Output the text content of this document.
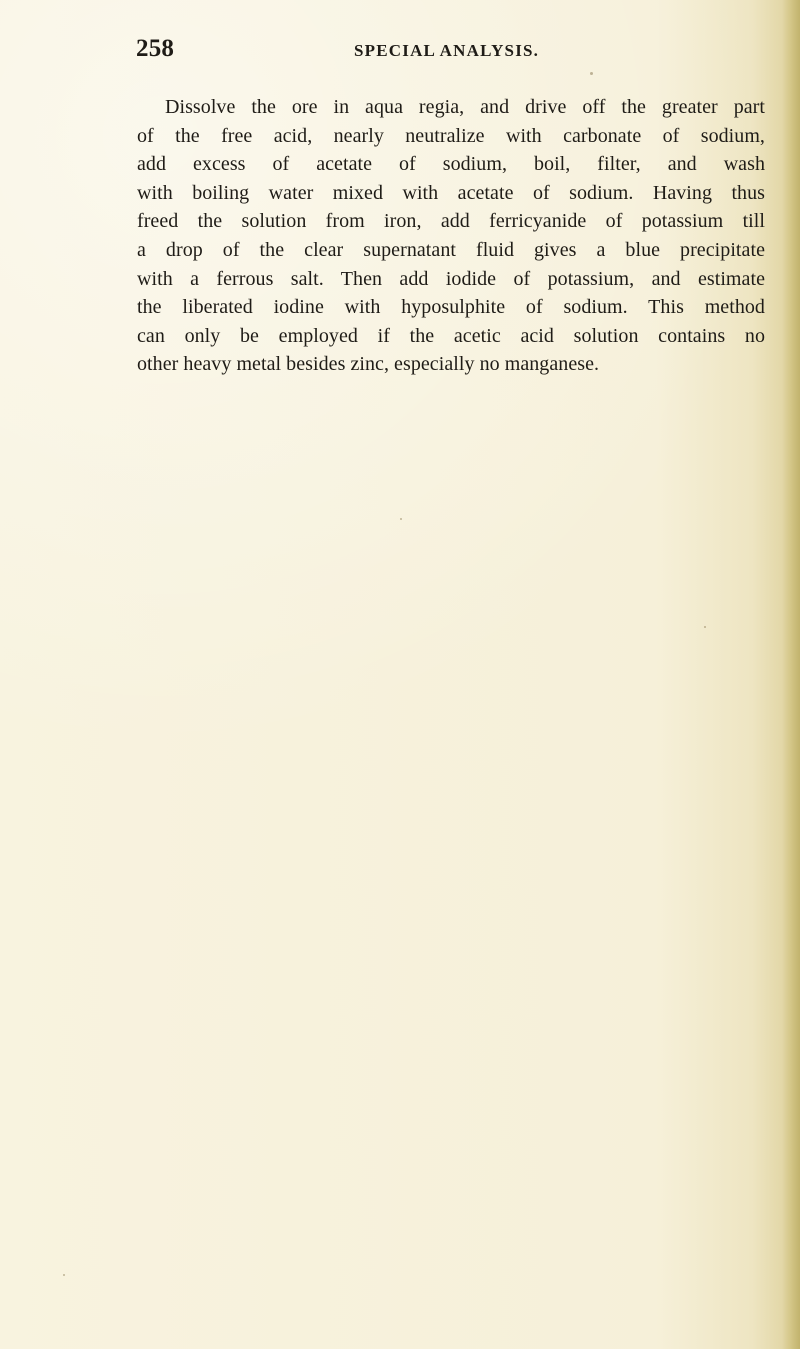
258	SPECIAL ANALYSIS.
Dissolve the ore in aqua regia, and drive off the greater part
of the free acid, nearly neutralize with carbonate of sodium,
add excess of acetate of sodium, boil, filter, and wash
with boiling water mixed with acetate of sodium. Having thus
freed the solution from iron, add ferricyanide of potassium till
a drop of the clear supernatant fluid gives a blue precipitate
with a ferrous salt. Then add iodide of potassium, and estimate
the liberated iodine with hyposulphite of sodium. This method
can only be employed if the acetic acid solution contains no
other heavy metal besides zinc, especially no manganese.
